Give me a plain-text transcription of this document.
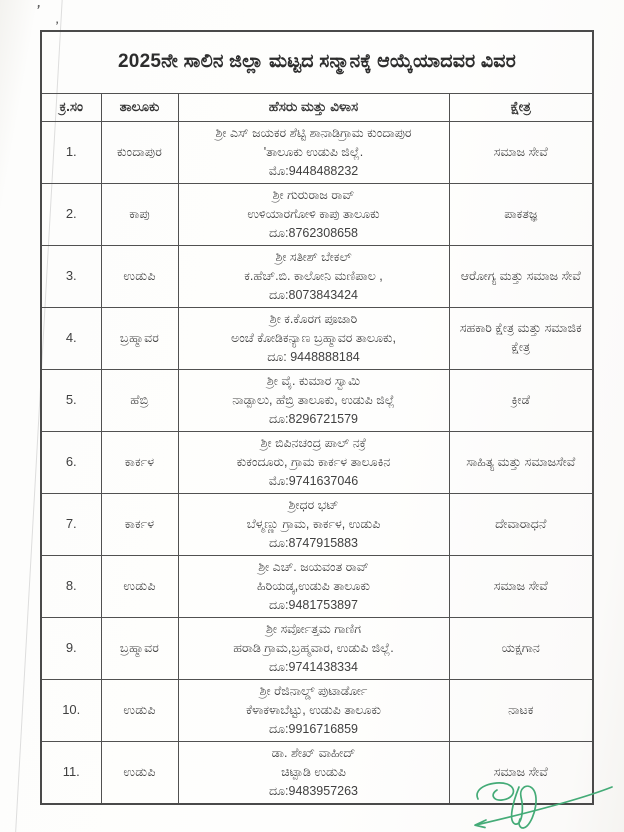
’
’
2025ನೇ ಸಾಲಿನ ಜಿಲ್ಲಾ ಮಟ್ಟದ ಸನ್ಮಾನಕ್ಕೆ ಆಯ್ಕೆಯಾದವರ ವಿವರ			
ಕ್ರ.ಸಂ	ತಾಲೂಕು	ಹೆಸರು ಮತ್ತು ವಿಳಾಸ	ಕ್ಷೇತ್ರ
1.	ಕುಂದಾಪುರ	ಶ್ರೀ ಎಸ್ ಜಯಕರ ಶೆಟ್ಟಿ ಶಾನಾಡಿಗ್ರಾಮ ಕುಂದಾಪುರ
'ತಾಲೂಕು ಉಡುಪಿ ಜಿಲ್ಲೆ.
ಮೊ:9448488232	ಸಮಾಜ ಸೇವೆ
2.	ಕಾಪು	ಶ್ರೀ ಗುರುರಾಜ ರಾವ್
ಉಳಿಯಾರಗೋಳಿ ಕಾಪು ತಾಲೂಕು
ದೂ:8762308658	ಪಾಕತಜ್ಞ
3.	ಉಡುಪಿ	ಶ್ರೀ ಸತೀಶ್ ಬೇಕಲ್
ಕ.ಹೆಚ್.ಬಿ. ಕಾಲೋನಿ ಮಣಿಪಾಲ ,
ದೂ:8073843424	ಆರೋಗ್ಯ ಮತ್ತು ಸಮಾಜ ಸೇವೆ
4.	ಬ್ರಹ್ಮಾವರ	ಶ್ರೀ ಕ.ಕೊರಗ ಪೂಜಾರಿ
ಅಂಚೆ ಕೋಡಿಕನ್ಯಾಣ ಬ್ರಹ್ಮಾವರ ತಾಲೂಕು,
ದೂ: 9448888184	ಸಹಕಾರಿ ಕ್ಷೇತ್ರ ಮತ್ತು ಸಮಾಜಿಕ ಕ್ಷೇತ್ರ
5.	ಹೆಬ್ರಿ	ಶ್ರೀ ವೈ. ಕುಮಾರ ಸ್ವಾಮಿ
ನಾಡ್ಪಾಲು, ಹೆಬ್ರಿ ತಾಲೂಕು, ಉಡುಪಿ ಜಿಲ್ಲೆ
ದೂ:8296721579	ಕ್ರೀಡೆ
6.	ಕಾರ್ಕಳ	ಶ್ರೀ ಬಿಪಿನಚಂದ್ರ ಪಾಲ್ ನಕ್ರೆ
ಕುಕಂದೂರು, ಗ್ರಾಮ ಕಾರ್ಕಳ ತಾಲೂಕಿನ
ಮೊ:9741637046	ಸಾಹಿತ್ಯ ಮತ್ತು ಸಮಾಜಸೇವೆ
7.	ಕಾರ್ಕಳ	ಶ್ರೀಧರ ಭಟ್
ಬೆಳ್ಮಣ್ಣು ಗ್ರಾಮ, ಕಾರ್ಕಳ, ಉಡುಪಿ
ದೂ:8747915883	ದೇವಾರಾಧನೆ
8.	ಉಡುಪಿ	ಶ್ರೀ ಎಚ್. ಜಯವಂತ ರಾವ್
ಹಿರಿಯಡ್ಕ,ಉಡುಪಿ ತಾಲೂಕು
ದೂ:9481753897	ಸಮಾಜ ಸೇವೆ
9.	ಬ್ರಹ್ಮಾವರ	ಶ್ರೀ ಸರ್ವೋತ್ತಮ ಗಾಣಿಗ
ಹರಾಡಿ ಗ್ರಾಮ,ಬ್ರಹ್ಮವಾರ, ಉಡುಪಿ ಜಿಲ್ಲೆ.
ದೂ:9741438334	ಯಕ್ಷಗಾನ
10.	ಉಡುಪಿ	ಶ್ರೀ ರೆಜಿನಾಲ್ಡ್ ಪುಟಾರ್ಡೋ
ಕೆಳಾಕಳಾಬೆಟ್ಟು, ಉಡುಪಿ ತಾಲೂಕು
ದೂ:9916716859	ನಾಟಕ
11.	ಉಡುಪಿ	ಡಾ. ಶೇಖ್ ವಾಹೀದ್
ಚಿಟ್ಪಾಡಿ ಉಡುಪಿ
ದೂ:9483957263	ಸಮಾಜ ಸೇವೆ
